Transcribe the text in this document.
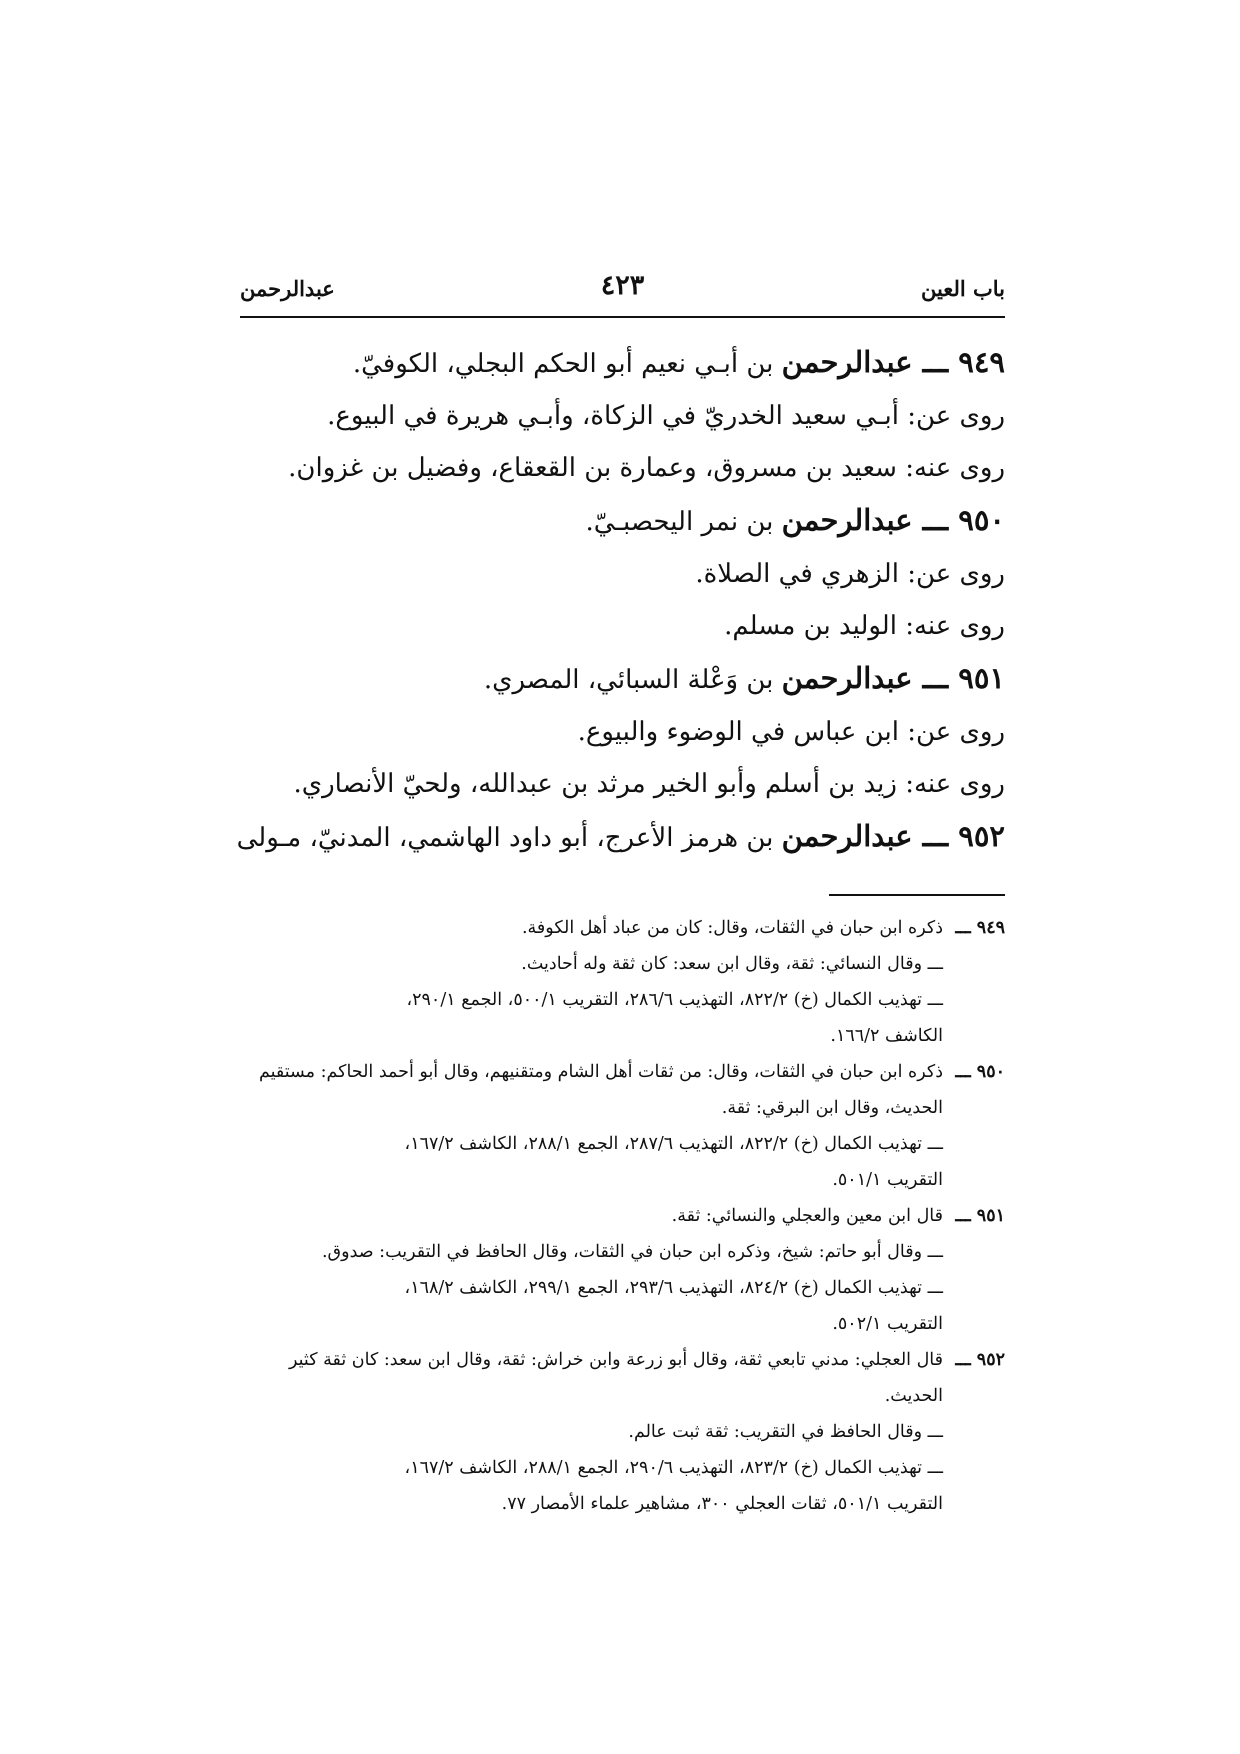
باب العين
٤٢٣
عبدالرحمن
٩٤٩ ـــ عبدالرحمن بن أبـي نعيم أبو الحكم البجلي، الكوفيّ.
روى عن: أبـي سعيد الخدريّ في الزكاة، وأبـي هريرة في البيوع.
روى عنه: سعيد بن مسروق، وعمارة بن القعقاع، وفضيل بن غزوان.
٩٥٠ ـــ عبدالرحمن بن نمر اليحصبـيّ.
روى عن: الزهري في الصلاة.
روى عنه: الوليد بن مسلم.
٩٥١ ـــ عبدالرحمن بن وَعْلة السبائي، المصري.
روى عن: ابن عباس في الوضوء والبيوع.
روى عنه: زيد بن أسلم وأبو الخير مرثد بن عبدالله، ولحيّ الأنصاري.
٩٥٢ ـــ عبدالرحمن بن هرمز الأعرج، أبو داود الهاشمي، المدنيّ، مـولى
٩٤٩ ـــ
ذكره ابن حبان في الثقات، وقال: كان من عباد أهل الكوفة.
ـــ وقال النسائي: ثقة، وقال ابن سعد: كان ثقة وله أحاديث.
ـــ تهذيب الكمال (خ) ٨٢٢/٢، التهذيب ٢٨٦/٦، التقريب ٥٠٠/١، الجمع ٢٩٠/١،
الكاشف ١٦٦/٢.
٩٥٠ ـــ
ذكره ابن حبان في الثقات، وقال: من ثقات أهل الشام ومتقنيهم، وقال أبو أحمد الحاكم: مستقيم
الحديث، وقال ابن البرقي: ثقة.
ـــ تهذيب الكمال (خ) ٨٢٢/٢، التهذيب ٢٨٧/٦، الجمع ٢٨٨/١، الكاشف ١٦٧/٢،
التقريب ٥٠١/١.
٩٥١ ـــ
قال ابن معين والعجلي والنسائي: ثقة.
ـــ وقال أبو حاتم: شيخ، وذكره ابن حبان في الثقات، وقال الحافظ في التقريب: صدوق.
ـــ تهذيب الكمال (خ) ٨٢٤/٢، التهذيب ٢٩٣/٦، الجمع ٢٩٩/١، الكاشف ١٦٨/٢،
التقريب ٥٠٢/١.
٩٥٢ ـــ
قال العجلي: مدني تابعي ثقة، وقال أبو زرعة وابن خراش: ثقة، وقال ابن سعد: كان ثقة كثير
الحديث.
ـــ وقال الحافظ في التقريب: ثقة ثبت عالم.
ـــ تهذيب الكمال (خ) ٨٢٣/٢، التهذيب ٢٩٠/٦، الجمع ٢٨٨/١، الكاشف ١٦٧/٢،
التقريب ٥٠١/١، ثقات العجلي ٣٠٠، مشاهير علماء الأمصار ٧٧.
